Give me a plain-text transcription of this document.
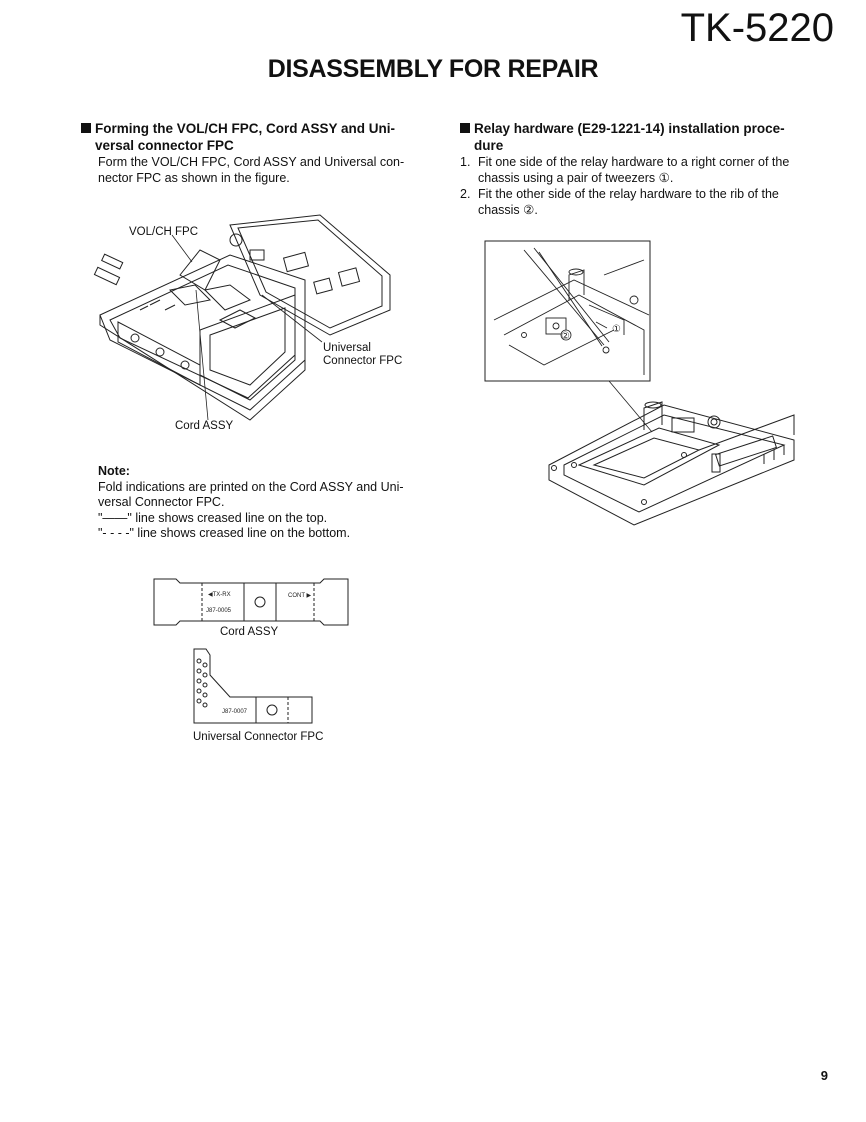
TK-5220
DISASSEMBLY FOR REPAIR
Forming the VOL/CH FPC, Cord ASSY and Uni-
versal connector FPC
Form the VOL/CH FPC, Cord ASSY and Universal con-
nector FPC as shown in the figure.
Relay hardware (E29-1221-14) installation proce-
dure
1. Fit one side of the relay hardware to a right corner of the
chassis using a pair of tweezers ①.
2. Fit the other side of the relay hardware to the rib of the
chassis ②.
VOL/CH FPC
Universal
Connector FPC
Cord ASSY
Note:
Fold indications are printed on the Cord ASSY and Uni-
versal Connector FPC.
"——" line shows creased line on the top.
"- - - -" line shows creased line on the bottom.
◀TX-RX
J87-0005
CONT ▶
Cord ASSY
J87-0007
Universal Connector FPC
②
①
9
